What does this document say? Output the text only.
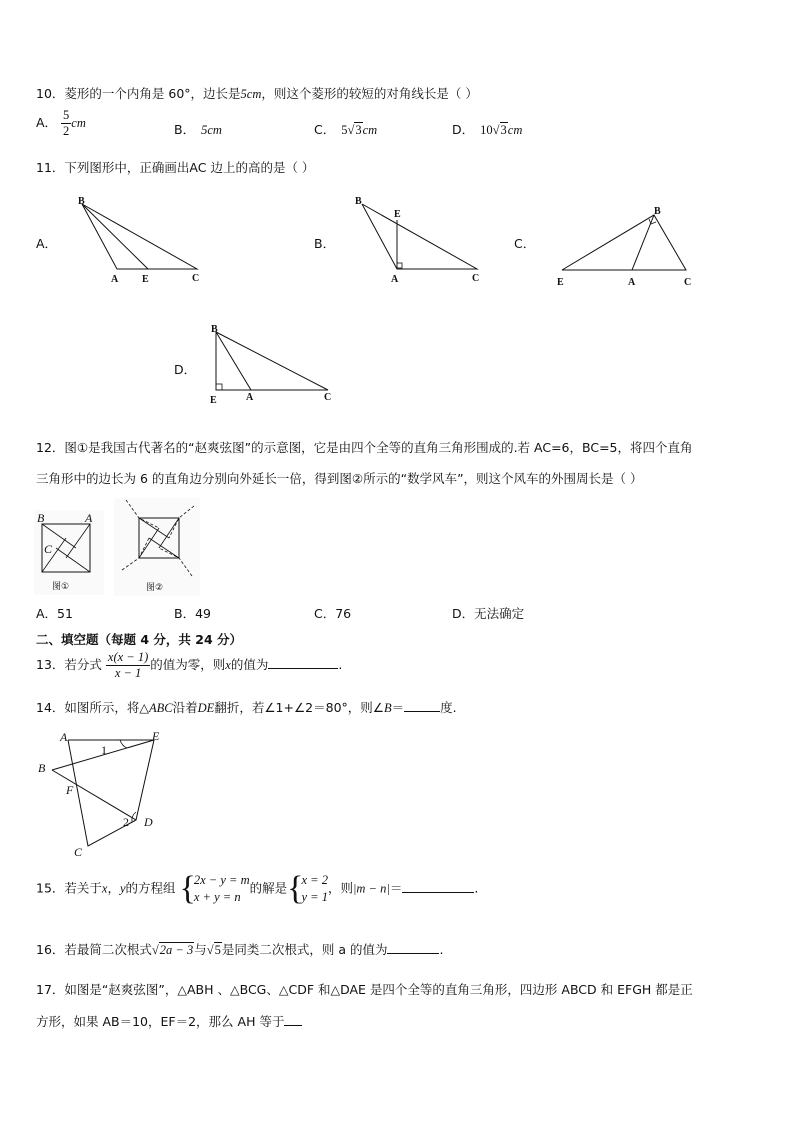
10．菱形的一个内角是 60°，边长是5cm，则这个菱形的较短的对角线长是（ ）
A． $\frac{5}{2}$ cm	B． 5cm	C． 5√3cm	D． 10√3cm
11．下列图形中，正确画出AC 边上的高的是（ ）
A．
B
A E	C
B．
B
E
A	C
C．
B
E	A	C
D．
B
E	A	C
12．图①是我国古代著名的“赵爽弦图”的示意图，它是由四个全等的直角三角形围成的.若 AC=6，BC=5，将四个直角
三角形中的边长为 6 的直角边分别向外延长一倍，得到图②所示的“数学风车”，则这个风车的外围周长是（ ）
B	A
C
图①	图②
A．51	B．49	C．76	D．无法确定
二、填空题（每题 4 分，共 24 分）
13．若分式 $\frac{x(x - 1)}{x - 1}$ 的值为零，则x的值为	.
14．如图所示，将△ABC沿着DE翻折，若∠1+∠2＝80°，则∠B＝	度.
A	E
B
F
D
C
1
2
15．若关于x，y的方程组 {
2x − y = m
x + y = n
的解是{
x = 2
y = 1
，则|m − n|＝	.
16．若最简二次根式√2a − 3与√5是同类二次根式，则 a 的值为	.
17．如图是“赵爽弦图”，△ABH 、△BCG、△CDF 和△DAE 是四个全等的直角三角形，四边形 ABCD 和 EFGH 都是正
方形，如果 AB＝10，EF＝2，那么 AH 等于
